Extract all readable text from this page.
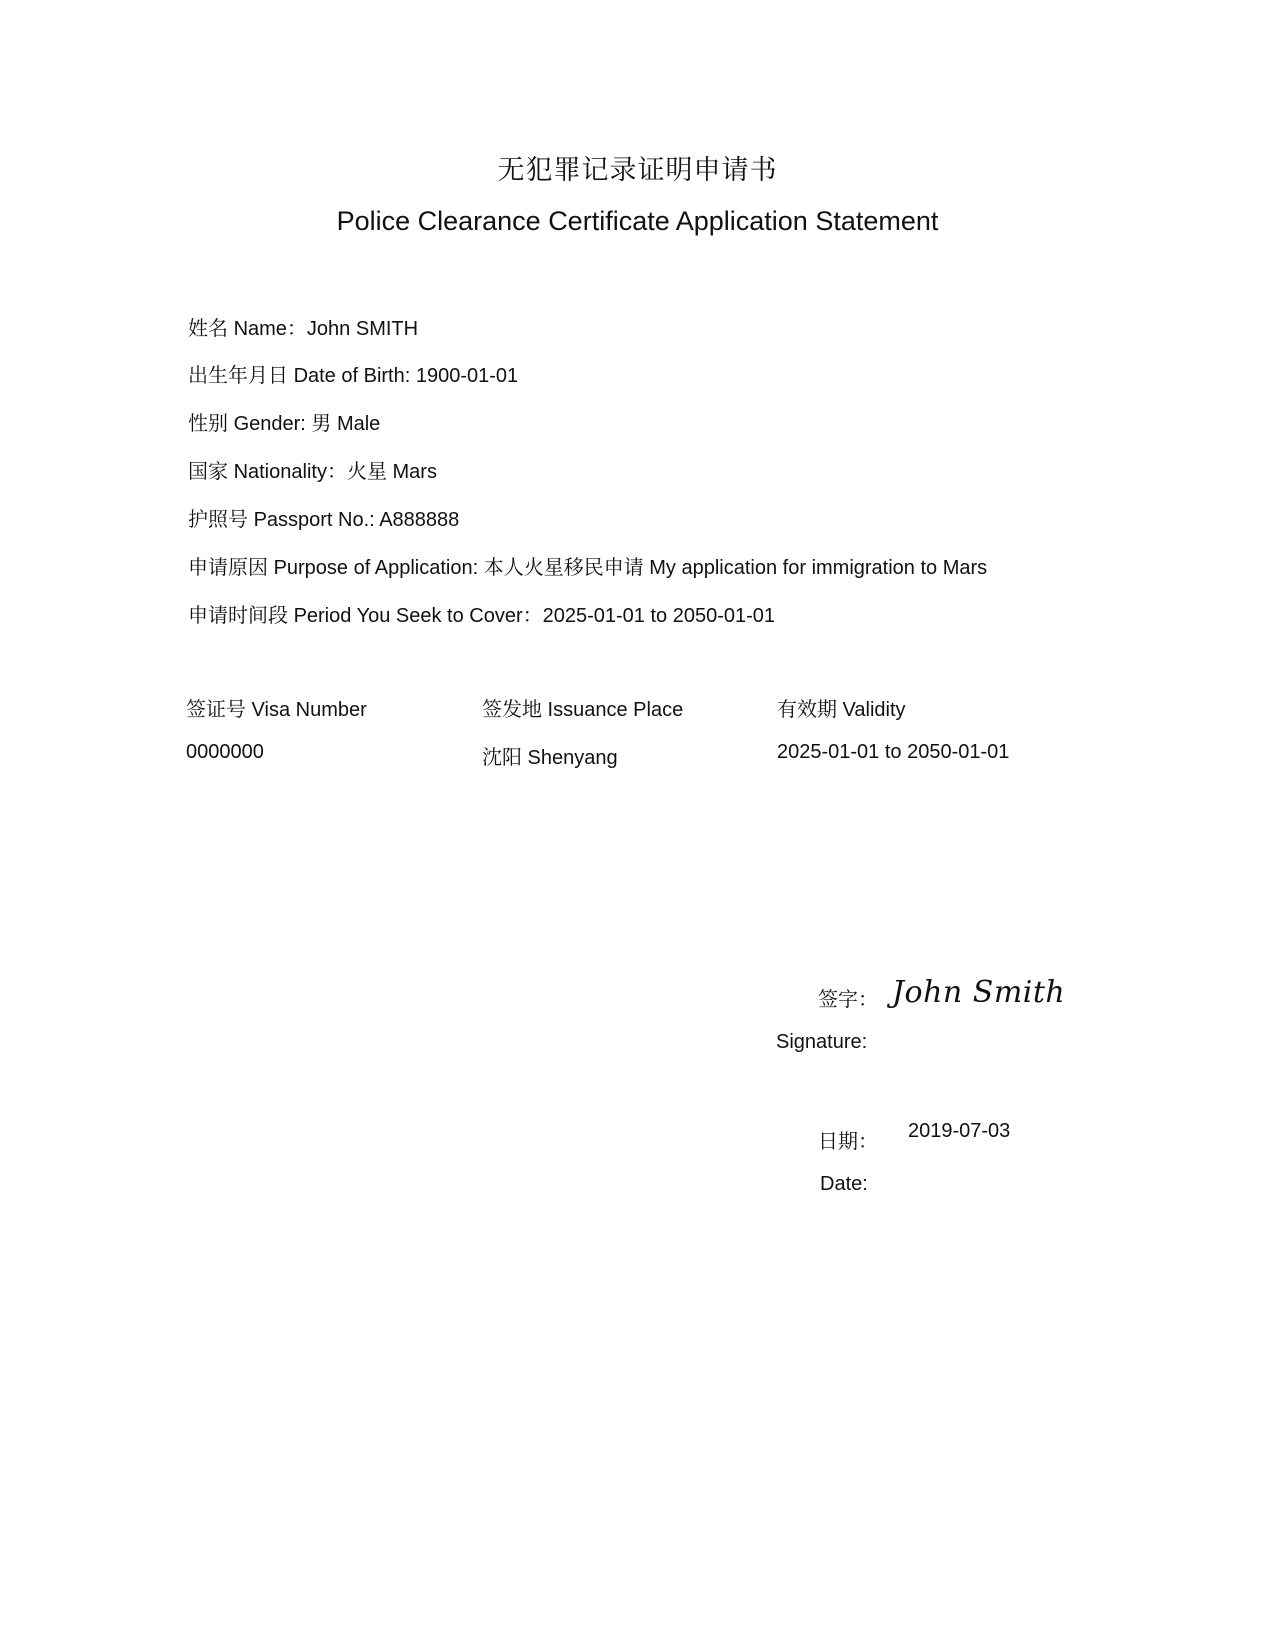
无犯罪记录证明申请书
Police Clearance Certificate Application Statement
姓名 Name：John SMITH
出生年月日 Date of Birth: 1900-01-01
性别 Gender: 男 Male
国家 Nationality：火星 Mars
护照号 Passport No.: A888888
申请原因 Purpose of Application: 本人火星移民申请 My application for immigration to Mars
申请时间段 Period You Seek to Cover：2025-01-01 to 2050-01-01
签证号 Visa Number	签发地 Issuance Place	有效期 Validity
0000000	沈阳 Shenyang	2025-01-01 to 2050-01-01
签字： John Smith
Signature:
日期： 2019-07-03
Date:
